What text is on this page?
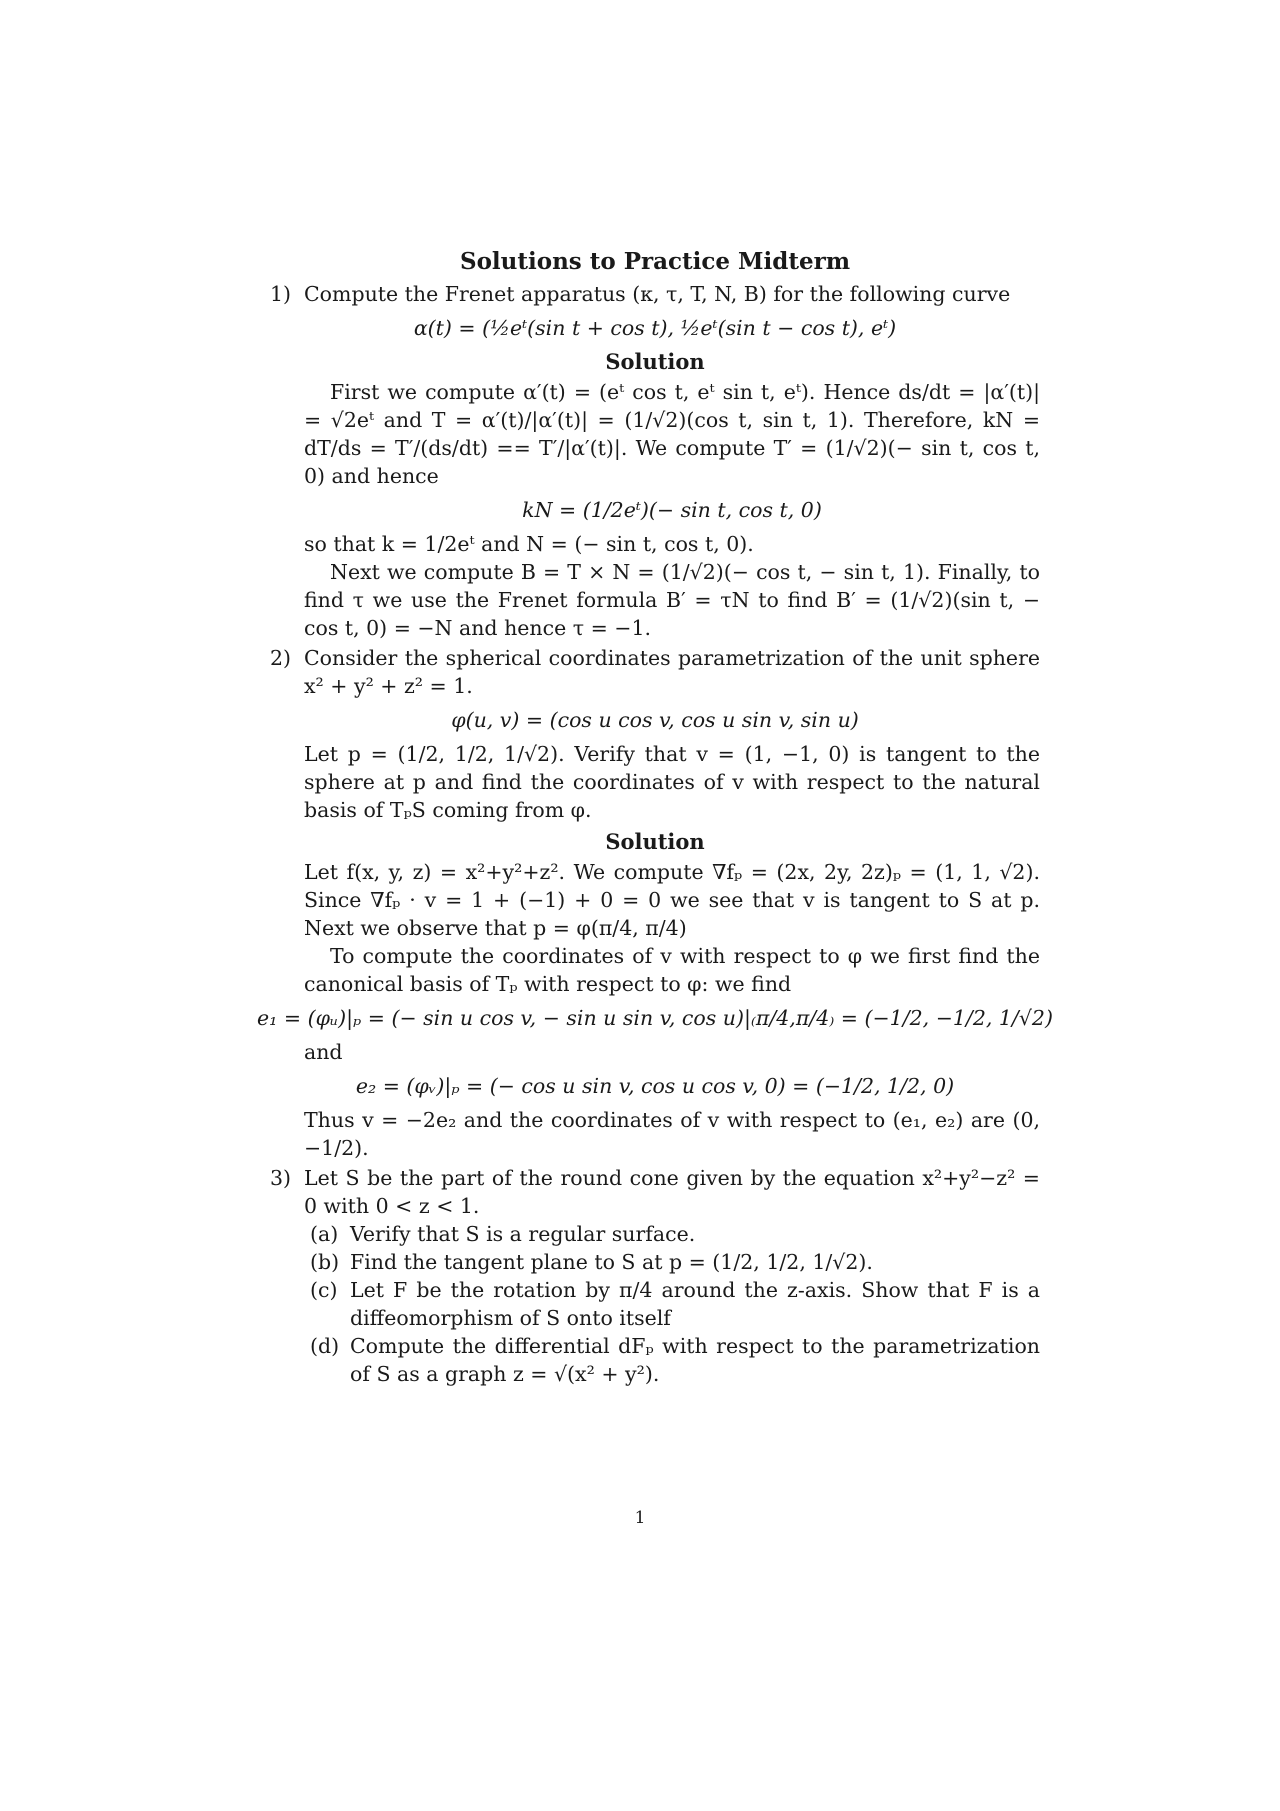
Solutions to Practice Midterm
1) Compute the Frenet apparatus (κ, τ, T, N, B) for the following curve

α(t) = (½eᵗ(sin t + cos t), ½eᵗ(sin t − cos t), eᵗ)
Solution

First we compute α′(t) = (eᵗ cos t, eᵗ sin t, eᵗ). Hence ds/dt = |α′(t)| = √2eᵗ and T = α′(t)/|α′(t)| = (1/√2)(cos t, sin t, 1). Therefore, kN = dT/ds = T′/(ds/dt) == T′/|α′(t)|. We compute T′ = (1/√2)(− sin t, cos t, 0) and hence

kN = (1/2eᵗ)(− sin t, cos t, 0)

so that k = 1/2eᵗ and N = (− sin t, cos t, 0).

Next we compute B = T × N = (1/√2)(− cos t, − sin t, 1). Finally, to find τ we use the Frenet formula B′ = τN to find B′ = (1/√2)(sin t, − cos t, 0) = −N and hence τ = −1.

2) Consider the spherical coordinates parametrization of the unit sphere x² + y² + z² = 1.

φ(u, v) = (cos u cos v, cos u sin v, sin u)

Let p = (1/2, 1/2, 1/√2). Verify that v = (1, −1, 0) is tangent to the sphere at p and find the coordinates of v with respect to the natural basis of TₚS coming from φ.

Solution

Let f(x, y, z) = x²+y²+z². We compute ∇fₚ = (2x, 2y, 2z)ₚ = (1, 1, √2). Since ∇fₚ · v = 1 + (−1) + 0 = 0 we see that v is tangent to S at p. Next we observe that p = φ(π/4, π/4)

To compute the coordinates of v with respect to φ we first find the canonical basis of Tₚ with respect to φ: we find

e₁ = (φᵤ)|ₚ = (− sin u cos v, − sin u sin v, cos u)|₍π/4,π/4₎ = (−1/2, −1/2, 1/√2)

and

e₂ = (φᵥ)|ₚ = (− cos u sin v, cos u cos v, 0) = (−1/2, 1/2, 0)

Thus v = −2e₂ and the coordinates of v with respect to (e₁, e₂) are (0, −1/2).

3) Let S be the part of the round cone given by the equation x²+y²−z² = 0 with 0 < z < 1.

(a) Verify that S is a regular surface.

(b) Find the tangent plane to S at p = (1/2, 1/2, 1/√2).

(c) Let F be the rotation by π/4 around the z-axis. Show that F is a diffeomorphism of S onto itself

(d) Compute the differential dFₚ with respect to the parametrization of S as a graph z = √(x² + y²).

1
